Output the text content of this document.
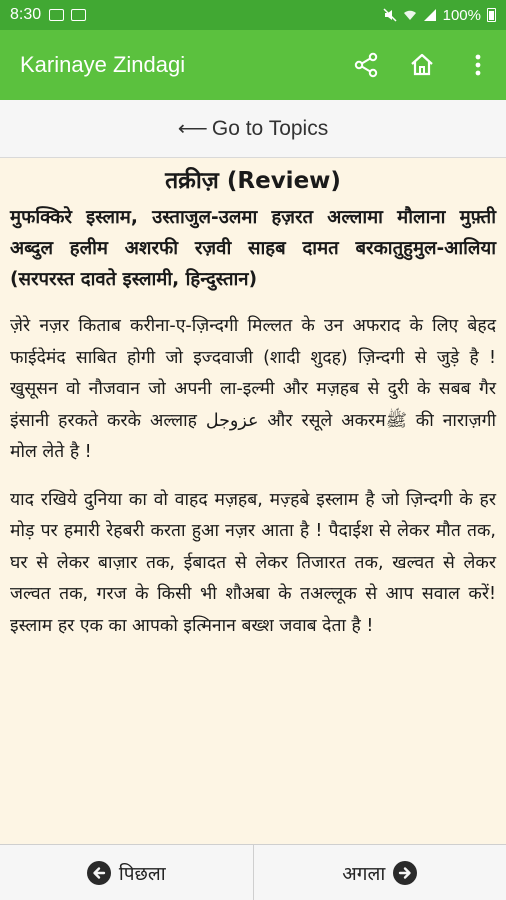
8:30	100%
Karinaye Zindagi
⟵ Go to Topics
तक्रीज़ (Review)
मुफक्किरे इस्लाम, उस्ताजुल-उलमा हज़रत अल्लामा मौलाना मुफ़्ती अब्दुल हलीम अशरफी रज़वी साहब दामत बरकातुहुमुल-आलिया (सरपरस्त दावते इस्लामी, हिन्दुस्तान)

ज़ेरे नज़र किताब करीना-ए-ज़िन्दगी मिल्लत के उन अफराद के लिए बेहद फाईदेमंद साबित होगी जो इज्दवाजी (शादी शुदह) ज़िन्दगी से जुड़े है ! खुसूसन वो नौजवान जो अपनी ला-इल्मी और मज़हब से दुरी के सबब गैर इंसानी हरकते करके अल्लाह عزوجل और रसूले अकरमﷺ की नाराज़गी मोल लेते है !

याद रखिये दुनिया का वो वाहद मज़हब, मज़्हबे इस्लाम है जो ज़िन्दगी के हर मोड़ पर हमारी रेहबरी करता हुआ नज़र आता है ! पैदाईश से लेकर मौत तक, घर से लेकर बाज़ार तक, ईबादत से लेकर तिजारत तक, खल्वत से लेकर जल्वत तक, गरज के किसी भी शौअबा के तअल्लूक से आप सवाल करें! इस्लाम हर एक का आपको इत्मिनान बख्श जवाब देता है !

पिछला	अगला
